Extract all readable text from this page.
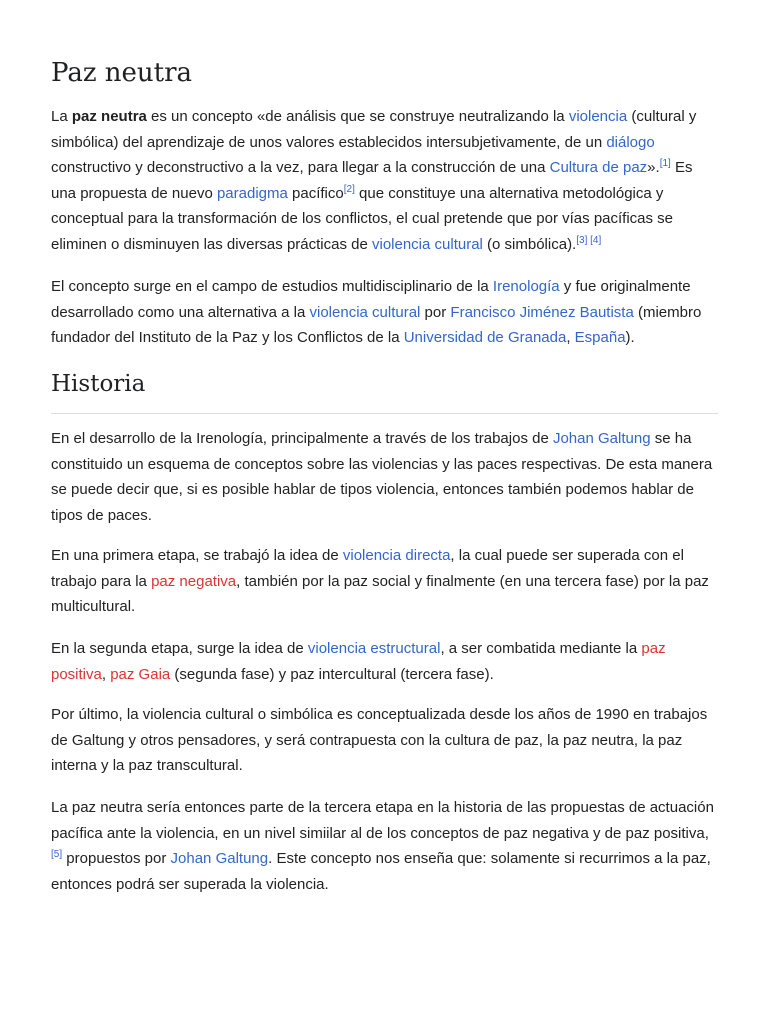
Paz neutra

La paz neutra es un concepto «de análisis que se construye neutralizando la violencia (cultural y simbólica) del aprendizaje de unos valores establecidos intersubjetivamente, de un diálogo constructivo y deconstructivo a la vez, para llegar a la construcción de una Cultura de paz».[1] Es una propuesta de nuevo paradigma pacífico[2] que constituye una alternativa metodológica y conceptual para la transformación de los conflictos, el cual pretende que por vías pacíficas se eliminen o disminuyen las diversas prácticas de violencia cultural (o simbólica).[3] [4]

El concepto surge en el campo de estudios multidisciplinario de la Irenología y fue originalmente desarrollado como una alternativa a la violencia cultural por Francisco Jiménez Bautista (miembro fundador del Instituto de la Paz y los Conflictos de la Universidad de Granada, España).

Historia

En el desarrollo de la Irenología, principalmente a través de los trabajos de Johan Galtung se ha constituido un esquema de conceptos sobre las violencias y las paces respectivas. De esta manera se puede decir que, si es posible hablar de tipos violencia, entonces también podemos hablar de tipos de paces.

En una primera etapa, se trabajó la idea de violencia directa, la cual puede ser superada con el trabajo para la paz negativa, también por la paz social y finalmente (en una tercera fase) por la paz multicultural.

En la segunda etapa, surge la idea de violencia estructural, a ser combatida mediante la paz positiva, paz Gaia (segunda fase) y paz intercultural (tercera fase).

Por último, la violencia cultural o simbólica es conceptualizada desde los años de 1990 en trabajos de Galtung y otros pensadores, y será contrapuesta con la cultura de paz, la paz neutra, la paz interna y la paz transcultural.

La paz neutra sería entonces parte de la tercera etapa en la historia de las propuestas de actuación pacífica ante la violencia, en un nivel simiilar al de los conceptos de paz negativa y de paz positiva,[5] propuestos por Johan Galtung. Este concepto nos enseña que: solamente si recurrimos a la paz, entonces podrá ser superada la violencia.
